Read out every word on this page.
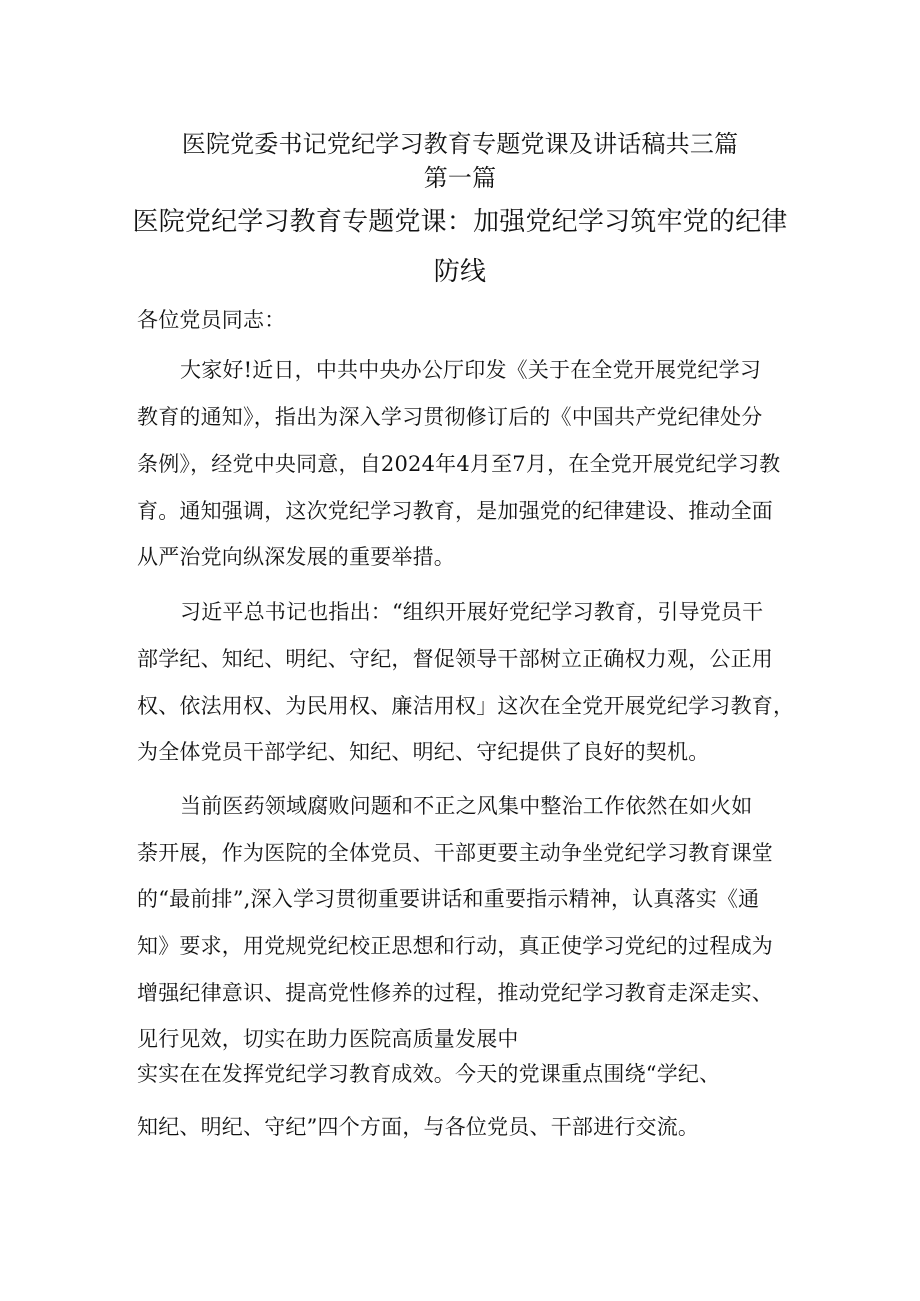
医院党委书记党纪学习教育专题党课及讲话稿共三篇
第一篇
医院党纪学习教育专题党课：加强党纪学习筑牢党的纪律
防线
各位党员同志：
大家好!近日，中共中央办公厅印发《关于在全党开展党纪学习
教育的通知》，指出为深入学习贯彻修订后的《中国共产党纪律处分
条例》，经党中央同意，自2024年4月至7月，在全党开展党纪学习教
育。通知强调，这次党纪学习教育，是加强党的纪律建设、推动全面
从严治党向纵深发展的重要举措。
习近平总书记也指出：“组织开展好党纪学习教育，引导党员干
部学纪、知纪、明纪、守纪，督促领导干部树立正确权力观，公正用
权、依法用权、为民用权、廉洁用权」这次在全党开展党纪学习教育，
为全体党员干部学纪、知纪、明纪、守纪提供了良好的契机。
当前医药领域腐败问题和不正之风集中整治工作依然在如火如
荼开展，作为医院的全体党员、干部更要主动争坐党纪学习教育课堂
的“最前排”,深入学习贯彻重要讲话和重要指示精神，认真落实《通
知》要求，用党规党纪校正思想和行动，真正使学习党纪的过程成为
增强纪律意识、提高党性修养的过程，推动党纪学习教育走深走实、
见行见效，切实在助力医院高质量发展中
实实在在发挥党纪学习教育成效。今天的党课重点围绕“学纪、
知纪、明纪、守纪”四个方面，与各位党员、干部进行交流。
